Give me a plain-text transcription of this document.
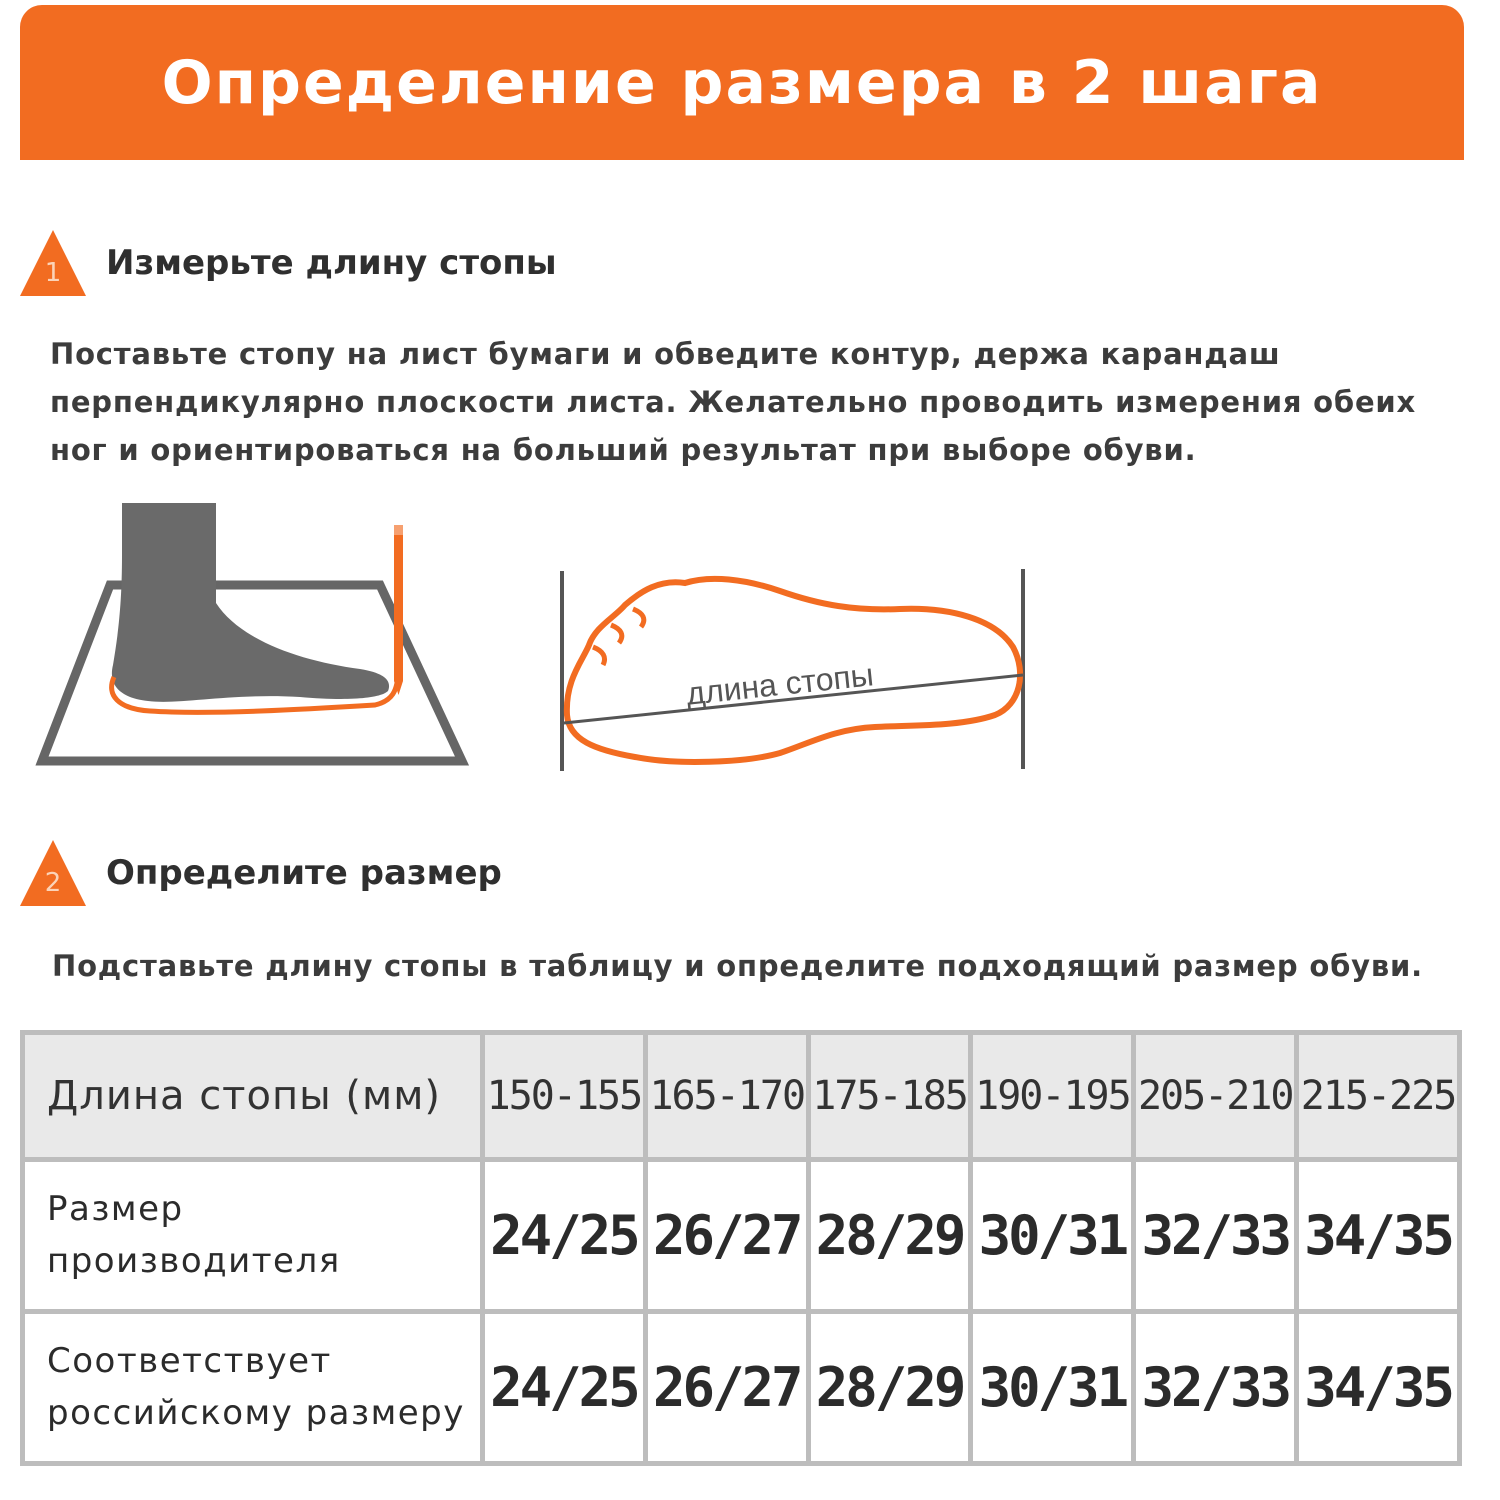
Определение размера в 2 шага
1	Измерьте длину стопы
Поставьте стопу на лист бумаги и обведите контур, держа карандаш
перпендикулярно плоскости листа. Желательно проводить измерения обеих
ног и ориентироваться на больший результат при выборе обуви.
длина стопы
2	Определите размер
Подставьте длину стопы в таблицу и определите подходящий размер обуви.
Длина стопы (мм)	150-155	165-170	175-185	190-195	205-210	215-225

Размер
производителя	24/25	26/27	28/29	30/31	32/33	34/35

Соответствует
российскому размеру	24/25	26/27	28/29	30/31	32/33	34/35
